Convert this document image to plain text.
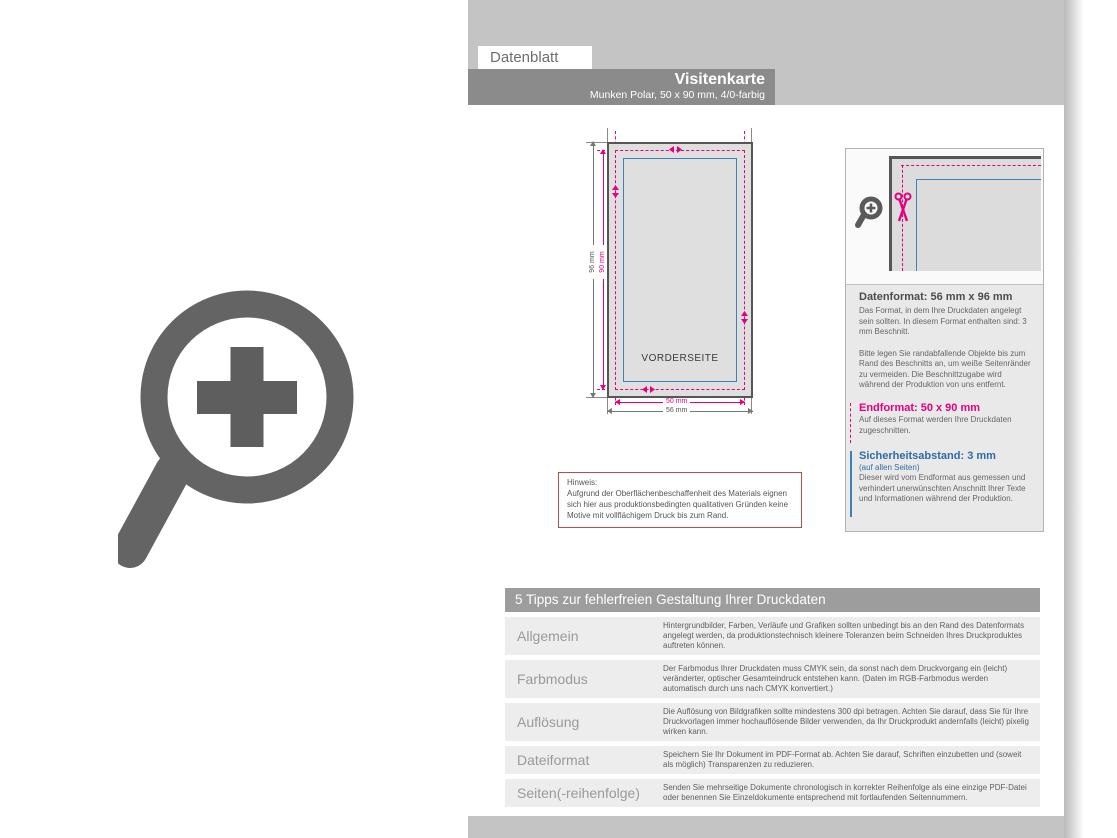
Datenblatt
Visitenkarte
Munken Polar, 50 x 90 mm, 4/0-farbig
VORDERSEITE
96 mm 90 mm
50 mm
56 mm
Datenformat: 56 mm x 96 mm
Das Format, in dem Ihre Druckdaten angelegt sein sollten. In diesem Format enthalten sind: 3 mm Beschnitt.
Bitte legen Sie randabfallende Objekte bis zum Rand des Beschnitts an, um weiße Seitenränder zu vermeiden. Die Beschnittzugabe wird während der Produktion von uns entfernt.
Endformat: 50 x 90 mm
Auf dieses Format werden Ihre Druckdaten zugeschnitten.
Sicherheitsabstand: 3 mm
(auf allen Seiten)
Dieser wird vom Endformat aus gemessen und verhindert unerwünschten Anschnitt Ihrer Texte und Informationen während der Produktion.
Hinweis:
Aufgrund der Oberflächenbeschaffenheit des Materials eignen sich hier aus produktionsbedingten qualitativen Gründen keine Motive mit vollflächigem Druck bis zum Rand.
5 Tipps zur fehlerfreien Gestaltung Ihrer Druckdaten
Allgemein
Hintergrundbilder, Farben, Verläufe und Grafiken sollten unbedingt bis an den Rand des Datenformats angelegt werden, da produktionstechnisch kleinere Toleranzen beim Schneiden Ihres Druckproduktes auftreten können.
Farbmodus
Der Farbmodus Ihrer Druckdaten muss CMYK sein, da sonst nach dem Druckvorgang ein (leicht) veränderter, optischer Gesamteindruck entstehen kann. (Daten im RGB-Farbmodus werden automatisch durch uns nach CMYK konvertiert.)
Auflösung
Die Auflösung von Bildgrafiken sollte mindestens 300 dpi betragen. Achten Sie darauf, dass Sie für Ihre Druckvorlagen immer hochauflösende Bilder verwenden, da Ihr Druckprodukt andernfalls (leicht) pixelig wirken kann.
Dateiformat	Speichern Sie Ihr Dokument im PDF-Format ab. Achten Sie darauf, Schriften einzubetten und (soweit als möglich) Transparenzen zu reduzieren.
Seiten(-reihenfolge)	Senden Sie mehrseitige Dokumente chronologisch in korrekter Reihenfolge als eine einzige PDF-Datei oder benennen Sie Einzeldokumente entsprechend mit fortlaufenden Seitennummern.
